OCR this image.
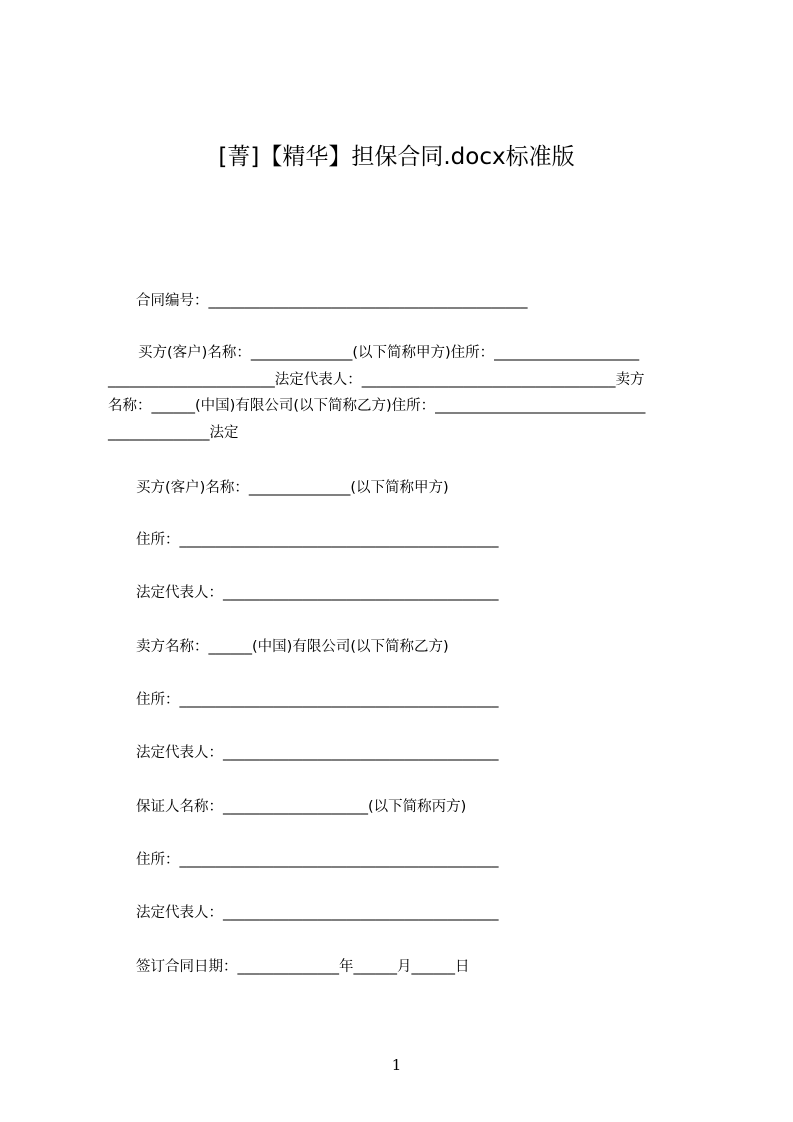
[菁]【精华】担保合同.docx标准版

合同编号：____________________________________________

买方(客户)名称：______________(以下简称甲方)住所：____________________
_______________________法定代表人：___________________________________卖方
名称：______(中国)有限公司(以下简称乙方)住所：_____________________________
______________法定

买方(客户)名称：______________(以下简称甲方)

住所：____________________________________________

法定代表人：______________________________________

卖方名称：______(中国)有限公司(以下简称乙方)

住所：____________________________________________

法定代表人：______________________________________

保证人名称：____________________(以下简称丙方)

住所：____________________________________________

法定代表人：______________________________________

签订合同日期：______________年______月______日

1
